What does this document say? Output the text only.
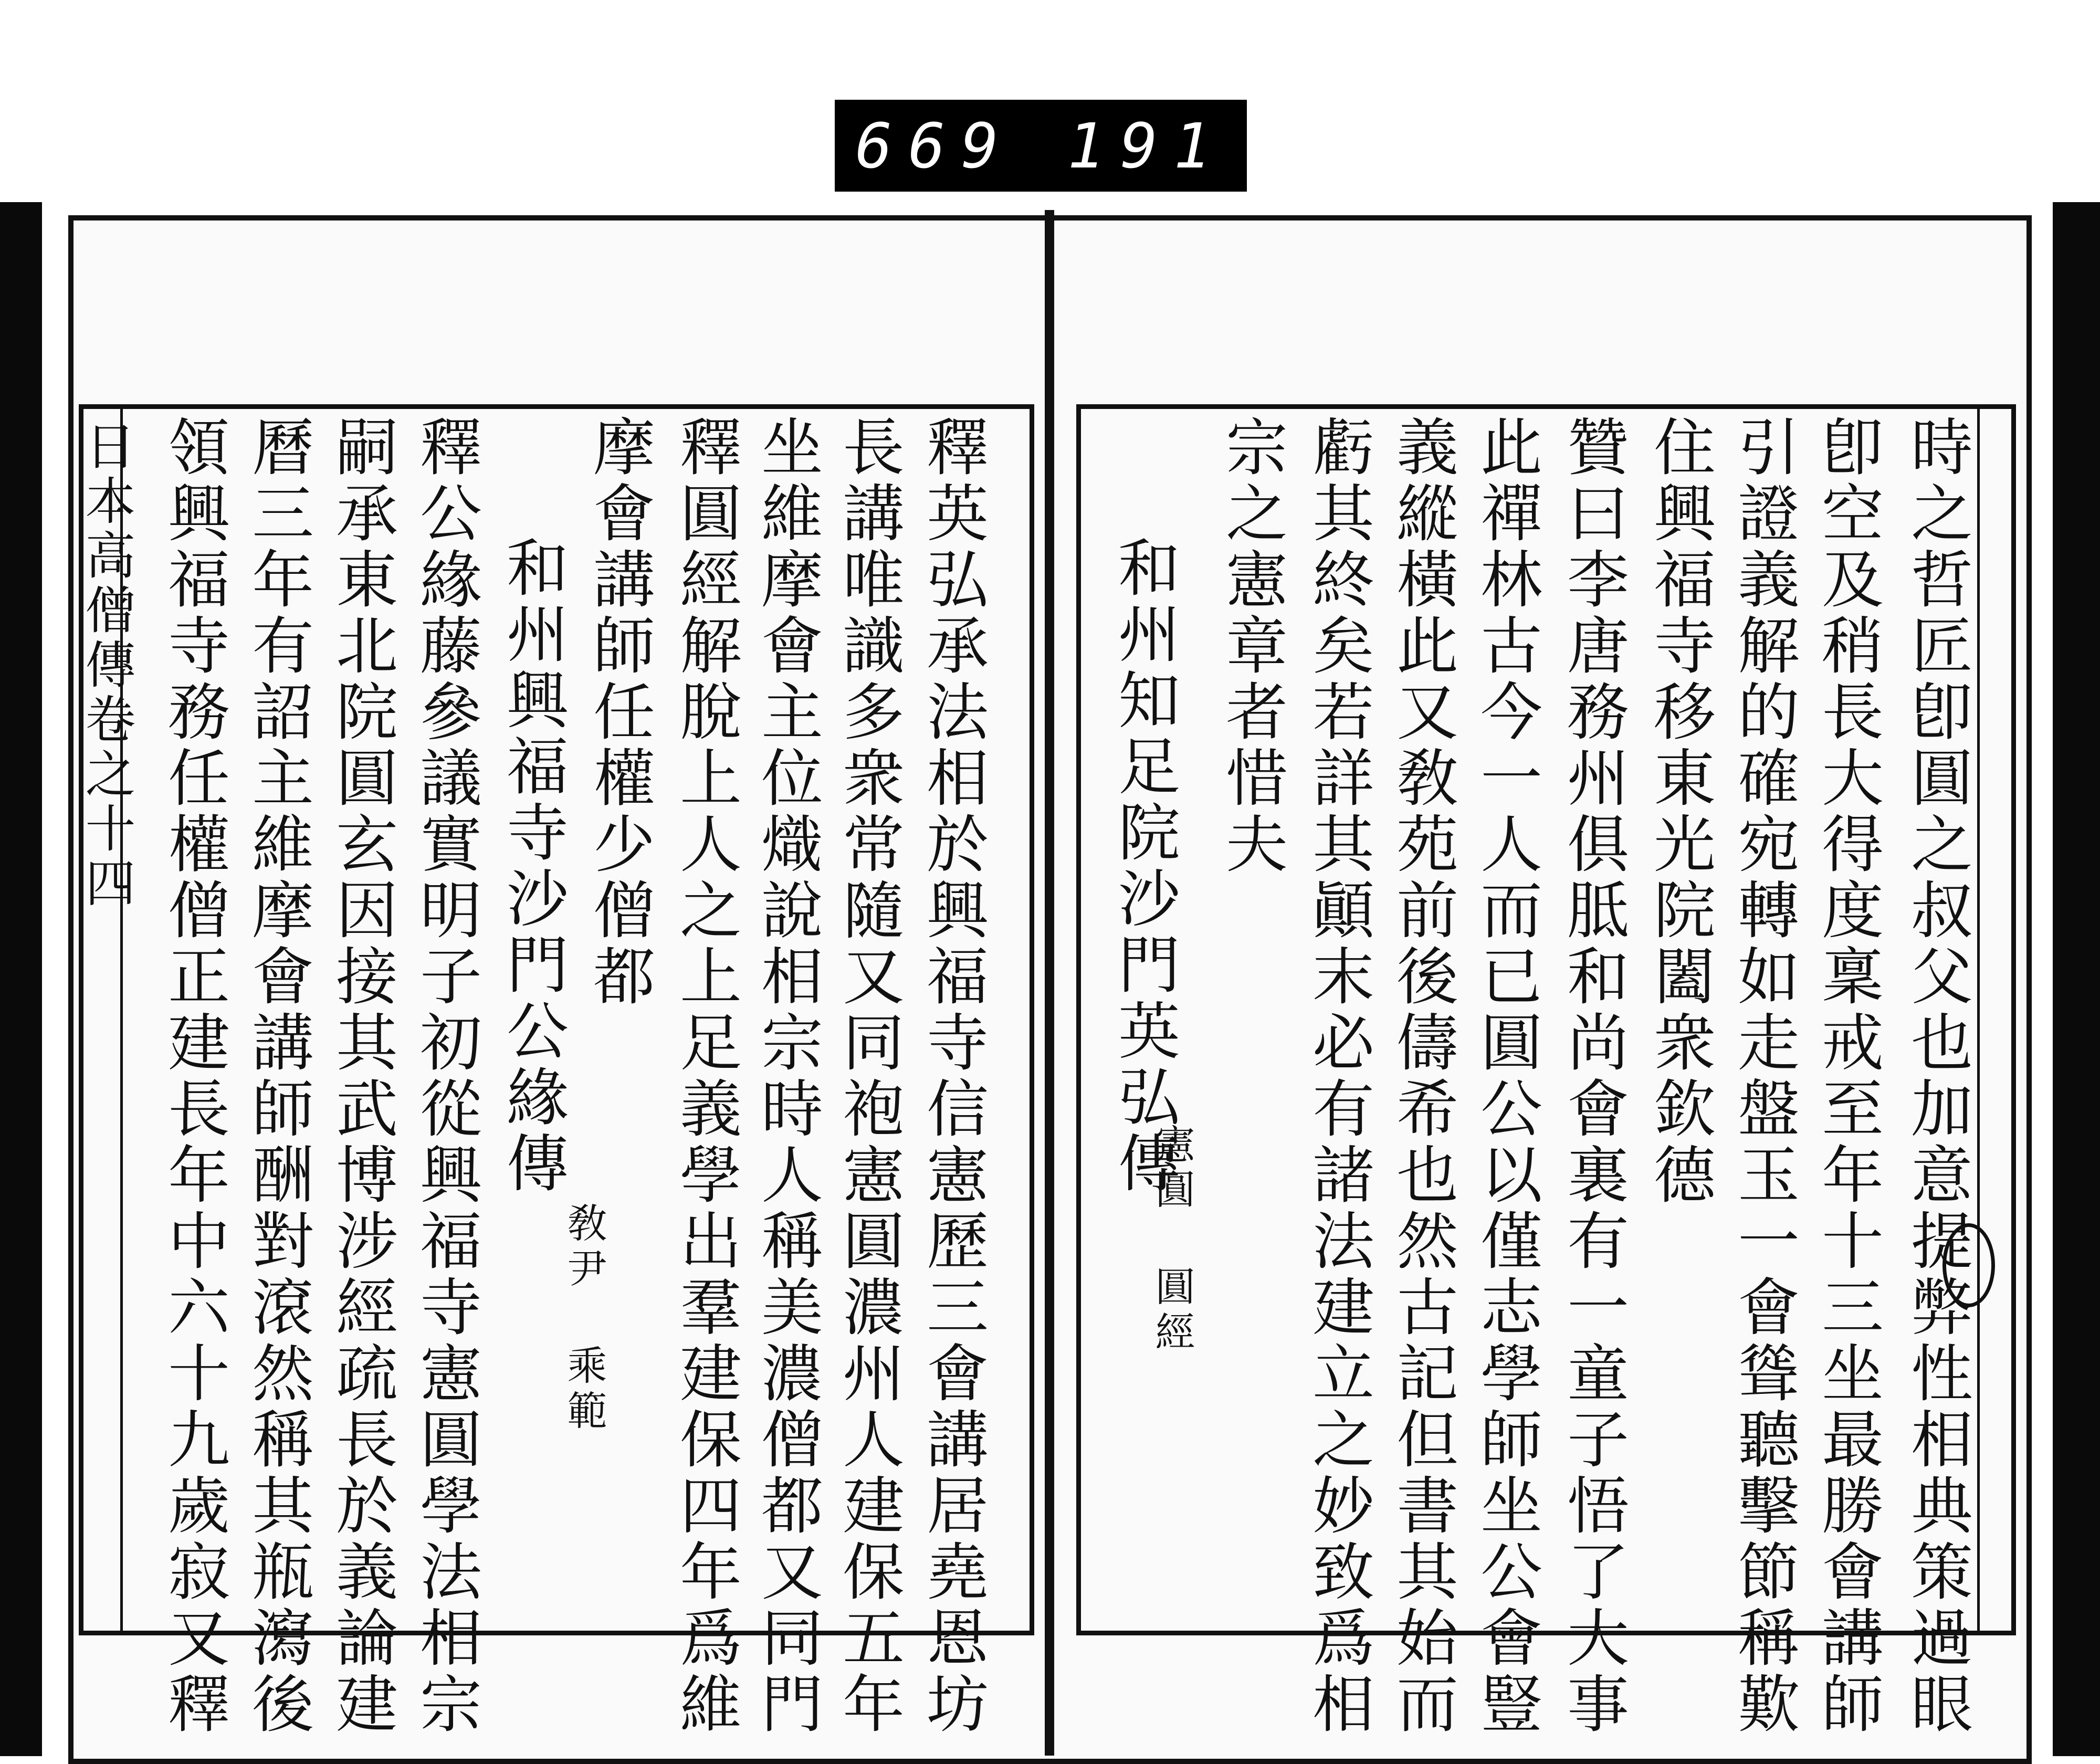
669 191
日本高僧傳卷之十四	釋英弘承法相於興福寺信憲歷三會講居堯恩坊
長講唯識多衆常隨又同袍憲圓濃州人建保五年
坐維摩會主位熾說相宗時人稱美濃僧都又同門
釋圓經解脫上人之上足義學出羣建保四年爲維
摩會講師任權少僧都
和州興福寺沙門公緣傳
敎尹 乘範
釋公緣藤參議實明子初從興福寺憲圓學法相宗
嗣承東北院圓玄因接其武博涉經疏長於義論建
曆三年有詔主維摩會講師酬對滾然稱其瓶瀉後
領興福寺務任權僧正建長年中六十九歲寂又釋	時之哲匠卽圓之叔父也加意提弊性相典策過眼
卽空及稍長大得度稟戒至年十三坐最勝會講師
引證義解的確宛轉如走盤玉一會聳聽擊節稱歎
住興福寺移東光院闔衆欽德
贊曰李唐務州俱胝和尚會裏有一童子悟了大事
此禪林古今一人而已圓公以僅志學師坐公會豎
義縱橫此又敎苑前後儔希也然古記但書其始而
虧其終矣若詳其顚末必有諸法建立之妙致爲相
宗之憲章者惜夫
和州知足院沙門英弘傳
憲圓 圓經
